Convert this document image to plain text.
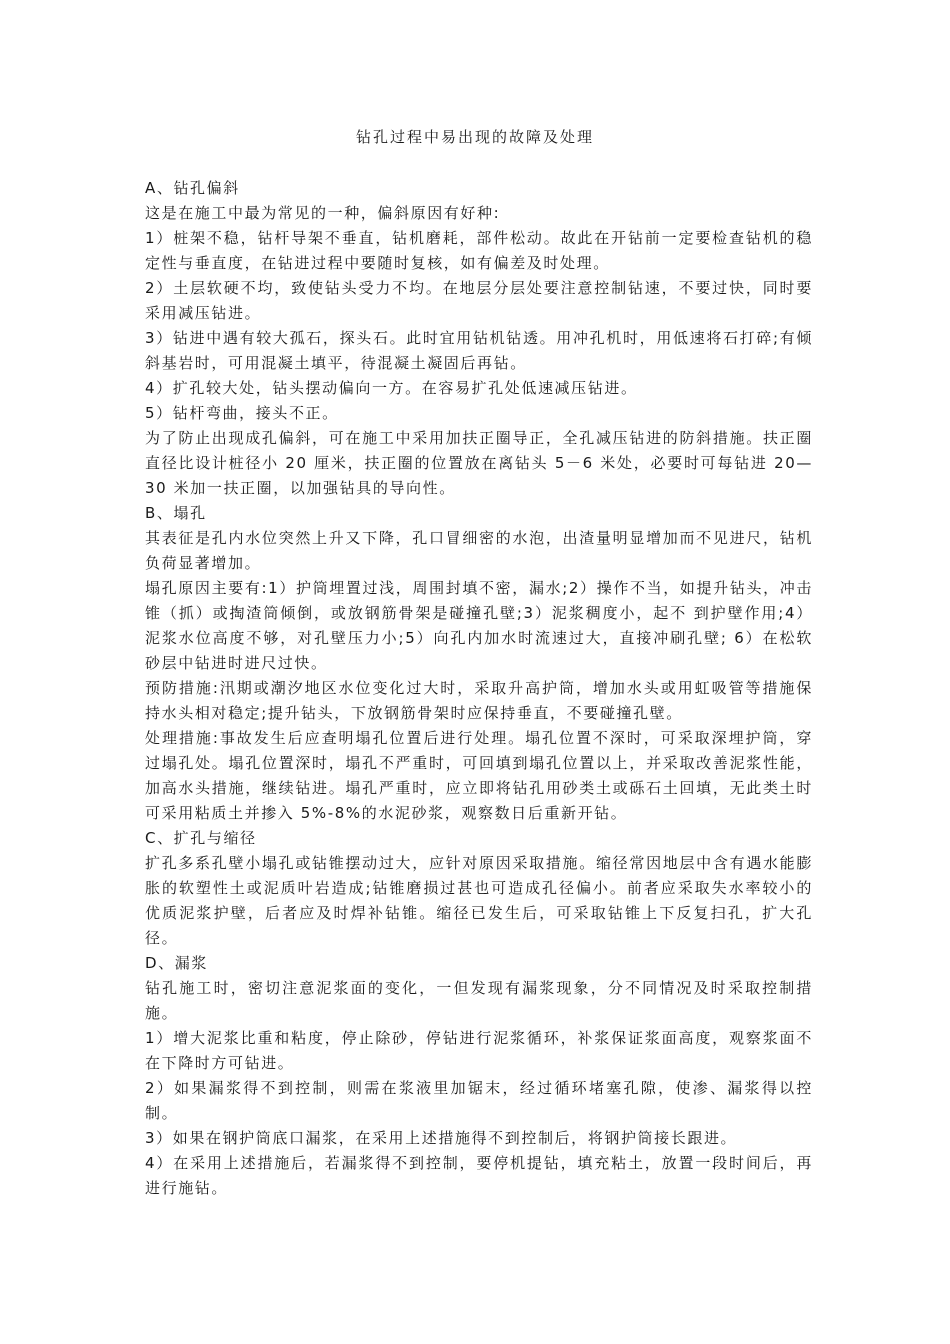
钻孔过程中易出现的故障及处理

A、钻孔偏斜

这是在施工中最为常见的一种，偏斜原因有好种:

1）桩架不稳，钻杆导架不垂直，钻机磨耗，部件松动。故此在开钻前一定要检查钻机的稳定性与垂直度，在钻进过程中要随时复核，如有偏差及时处理。

2）土层软硬不均，致使钻头受力不均。在地层分层处要注意控制钻速，不要过快，同时要采用减压钻进。

3）钻进中遇有较大孤石，探头石。此时宜用钻机钻透。用冲孔机时，用低速将石打碎;有倾斜基岩时，可用混凝土填平，待混凝土凝固后再钻。

4）扩孔较大处，钻头摆动偏向一方。在容易扩孔处低速减压钻进。

5）钻杆弯曲，接头不正。

为了防止出现成孔偏斜，可在施工中采用加扶正圈导正，全孔减压钻进的防斜措施。扶正圈直径比设计桩径小 20 厘米，扶正圈的位置放在离钻头 5－6 米处，必要时可每钻进 20—30 米加一扶正圈，以加强钻具的导向性。

B、塌孔

其表征是孔内水位突然上升又下降，孔口冒细密的水泡，出渣量明显增加而不见进尺，钻机负荷显著增加。

塌孔原因主要有:1）护筒埋置过浅，周围封填不密，漏水;2）操作不当，如提升钻头，冲击锥（抓）或掏渣筒倾倒，或放钢筋骨架是碰撞孔壁;3）泥浆稠度小，起不 到护壁作用;4）泥浆水位高度不够，对孔壁压力小;5）向孔内加水时流速过大，直接冲刷孔壁; 6）在松软砂层中钻进时进尺过快。

预防措施:汛期或潮汐地区水位变化过大时，采取升高护筒，增加水头或用虹吸管等措施保持水头相对稳定;提升钻头，下放钢筋骨架时应保持垂直，不要碰撞孔壁。

处理措施:事故发生后应查明塌孔位置后进行处理。塌孔位置不深时，可采取深埋护筒，穿过塌孔处。塌孔位置深时，塌孔不严重时，可回填到塌孔位置以上，并采取改善泥浆性能，加高水头措施，继续钻进。塌孔严重时，应立即将钻孔用砂类土或砾石土回填，无此类土时可采用粘质土并掺入 5%-8%的水泥砂浆，观察数日后重新开钻。

C、扩孔与缩径

扩孔多系孔壁小塌孔或钻锥摆动过大，应针对原因采取措施。缩径常因地层中含有遇水能膨胀的软塑性土或泥质叶岩造成;钻锥磨损过甚也可造成孔径偏小。前者应采取失水率较小的优质泥浆护壁，后者应及时焊补钻锥。缩径已发生后，可采取钻锥上下反复扫孔，扩大孔径。

D、漏浆

钻孔施工时，密切注意泥浆面的变化，一但发现有漏浆现象，分不同情况及时采取控制措施。

1）增大泥浆比重和粘度，停止除砂，停钻进行泥浆循环，补浆保证浆面高度，观察浆面不在下降时方可钻进。

2）如果漏浆得不到控制，则需在浆液里加锯末，经过循环堵塞孔隙，使渗、漏浆得以控制。

3）如果在钢护筒底口漏浆，在采用上述措施得不到控制后，将钢护筒接长跟进。

4）在采用上述措施后，若漏浆得不到控制，要停机提钻，填充粘土，放置一段时间后，再进行施钻。
